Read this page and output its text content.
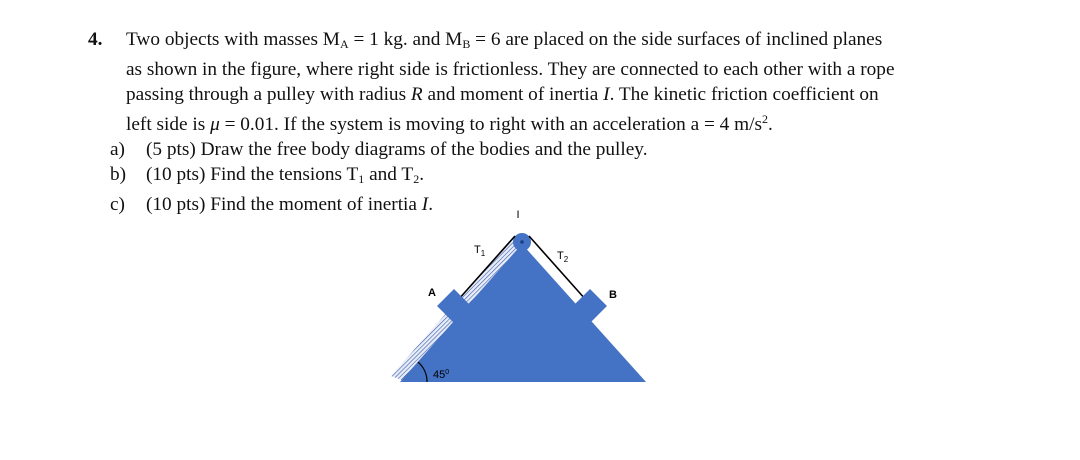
4. Two objects with masses $M_A = 1$ kg. and $M_B = 6$ are placed on the side surfaces of inclined planes
as shown in the figure, where right side is frictionless. They are connected to each other with a rope
passing through a pulley with radius R and moment of inertia I. The kinetic friction coefficient on
left side is μ = 0.01. If the system is moving to right with an acceleration a = 4 $m/s^2$.
a) (5 pts) Draw the free body diagrams of the bodies and the pulley.
b) (10 pts) Find the tensions $T_1$ and $T_2$.
c) (10 pts) Find the moment of inertia I.	I
$T_1$	$T_2$
A	B
$45^0$
